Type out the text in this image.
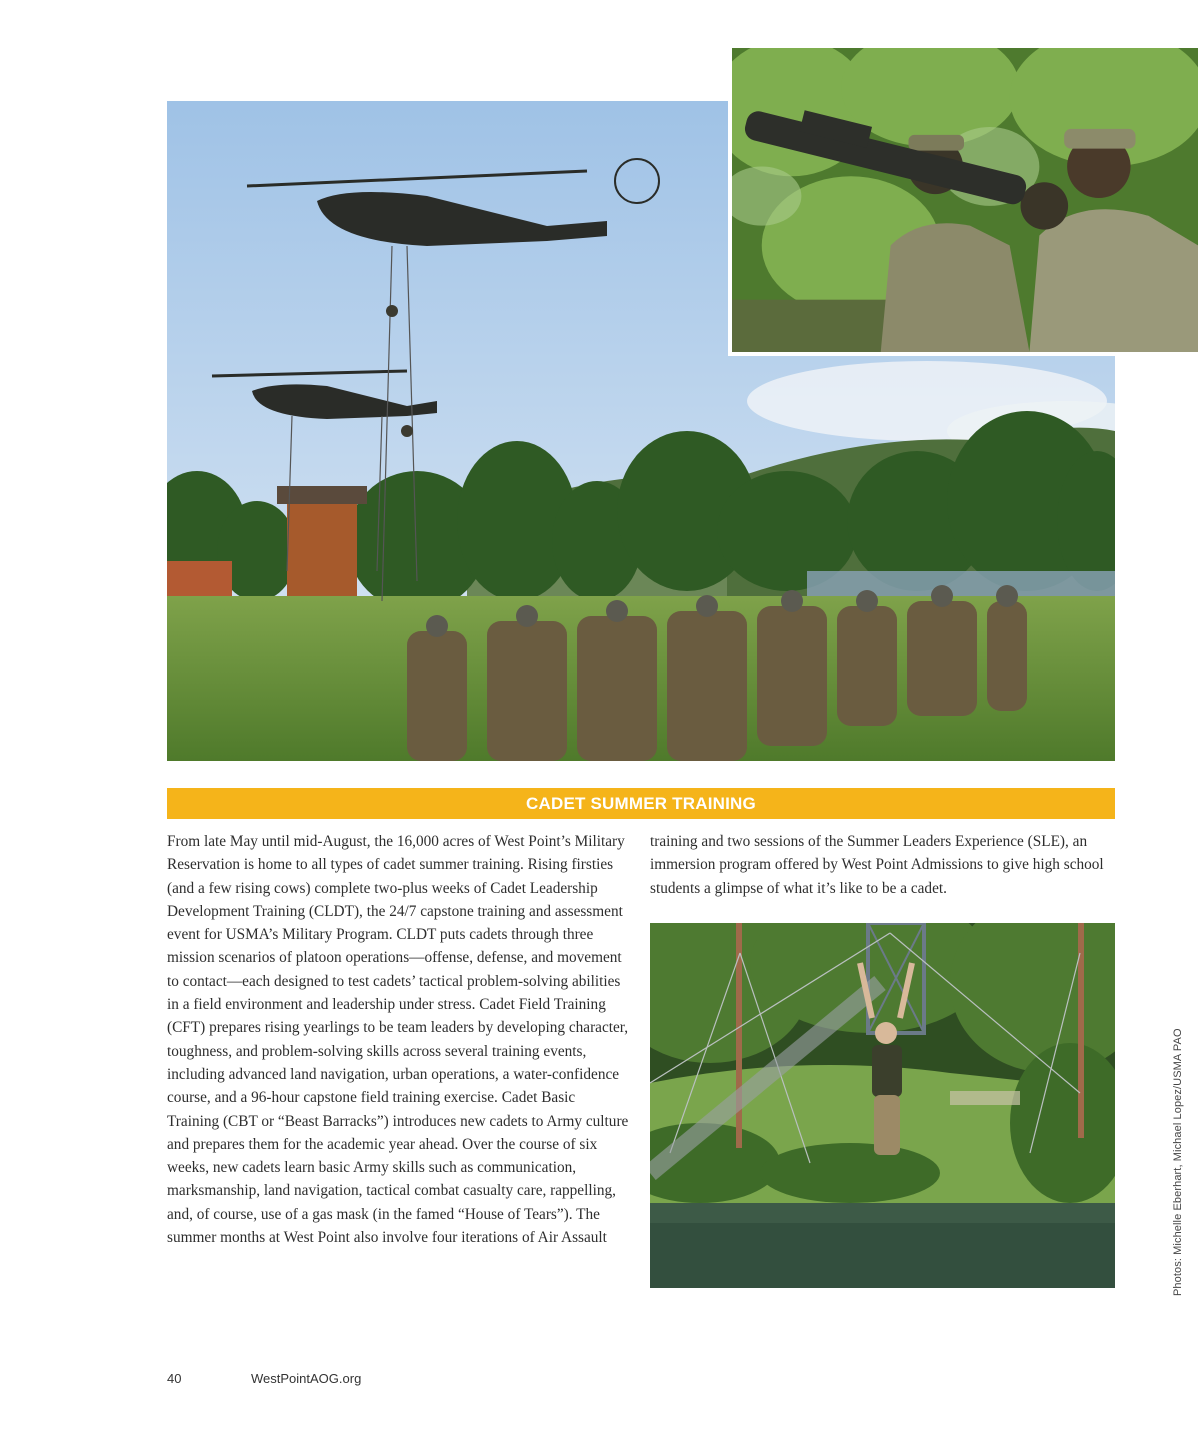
CADET SUMMER TRAINING
From late May until mid-August, the 16,000 acres of West Point’s Military Reservation is home to all types of cadet summer training. Rising firsties (and a few rising cows) complete two-plus weeks of Cadet Leadership Development Training (CLDT), the 24/7 capstone training and assessment event for USMA’s Military Program. CLDT puts cadets through three mission scenarios of platoon operations—offense, defense, and movement to contact—each designed to test cadets’ tactical problem-solving abilities in a field environment and leadership under stress. Cadet Field Training (CFT) prepares rising yearlings to be team leaders by developing character, toughness, and problem-solving skills across several training events, including advanced land navigation, urban operations, a water-confidence course, and a 96-hour capstone field training exercise. Cadet Basic Training (CBT or “Beast Barracks”) introduces new cadets to Army culture and prepares them for the academic year ahead. Over the course of six weeks, new cadets learn basic Army skills such as communication, marksmanship, land navigation, tactical combat casualty care, rappelling, and, of course, use of a gas mask (in the famed “House of Tears”). The summer months at West Point also involve four iterations of Air Assault
training and two sessions of the Summer Leaders Experience (SLE), an immersion program offered by West Point Admissions to give high school students a glimpse of what it’s like to be a cadet.
Photos: Michelle Eberhart, Michael Lopez/USMA PAO
40	WestPointAOG.org
